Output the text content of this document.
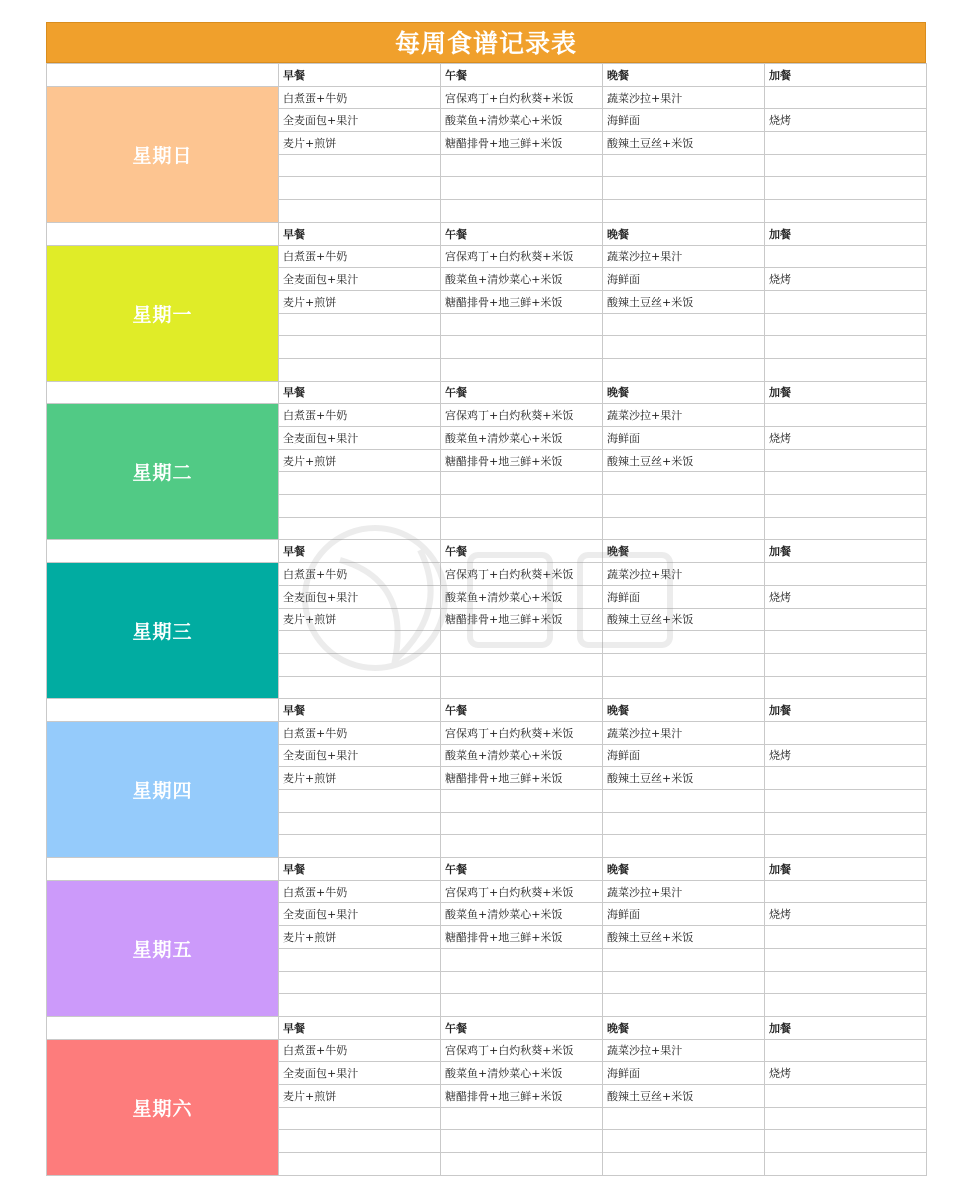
每周食谱记录表
	早餐	午餐	晚餐	加餐
星期日	白煮蛋+牛奶	宫保鸡丁+白灼秋葵+米饭	蔬菜沙拉+果汁	
	全麦面包+果汁	酸菜鱼+清炒菜心+米饭	海鲜面	烧烤
	麦片+煎饼	糖醋排骨+地三鲜+米饭	酸辣土豆丝+米饭	

	早餐	午餐	晚餐	加餐
星期一	白煮蛋+牛奶	宫保鸡丁+白灼秋葵+米饭	蔬菜沙拉+果汁	
	全麦面包+果汁	酸菜鱼+清炒菜心+米饭	海鲜面	烧烤
	麦片+煎饼	糖醋排骨+地三鲜+米饭	酸辣土豆丝+米饭	

	早餐	午餐	晚餐	加餐
星期二	白煮蛋+牛奶	宫保鸡丁+白灼秋葵+米饭	蔬菜沙拉+果汁	
	全麦面包+果汁	酸菜鱼+清炒菜心+米饭	海鲜面	烧烤
	麦片+煎饼	糖醋排骨+地三鲜+米饭	酸辣土豆丝+米饭	

	早餐	午餐	晚餐	加餐
星期三	白煮蛋+牛奶	宫保鸡丁+白灼秋葵+米饭	蔬菜沙拉+果汁	
	全麦面包+果汁	酸菜鱼+清炒菜心+米饭	海鲜面	烧烤
	麦片+煎饼	糖醋排骨+地三鲜+米饭	酸辣土豆丝+米饭	

	早餐	午餐	晚餐	加餐
星期四	白煮蛋+牛奶	宫保鸡丁+白灼秋葵+米饭	蔬菜沙拉+果汁	
	全麦面包+果汁	酸菜鱼+清炒菜心+米饭	海鲜面	烧烤
	麦片+煎饼	糖醋排骨+地三鲜+米饭	酸辣土豆丝+米饭	

	早餐	午餐	晚餐	加餐
星期五	白煮蛋+牛奶	宫保鸡丁+白灼秋葵+米饭	蔬菜沙拉+果汁	
	全麦面包+果汁	酸菜鱼+清炒菜心+米饭	海鲜面	烧烤
	麦片+煎饼	糖醋排骨+地三鲜+米饭	酸辣土豆丝+米饭	

	早餐	午餐	晚餐	加餐
星期六	白煮蛋+牛奶	宫保鸡丁+白灼秋葵+米饭	蔬菜沙拉+果汁	
	全麦面包+果汁	酸菜鱼+清炒菜心+米饭	海鲜面	烧烤
	麦片+煎饼	糖醋排骨+地三鲜+米饭	酸辣土豆丝+米饭	
